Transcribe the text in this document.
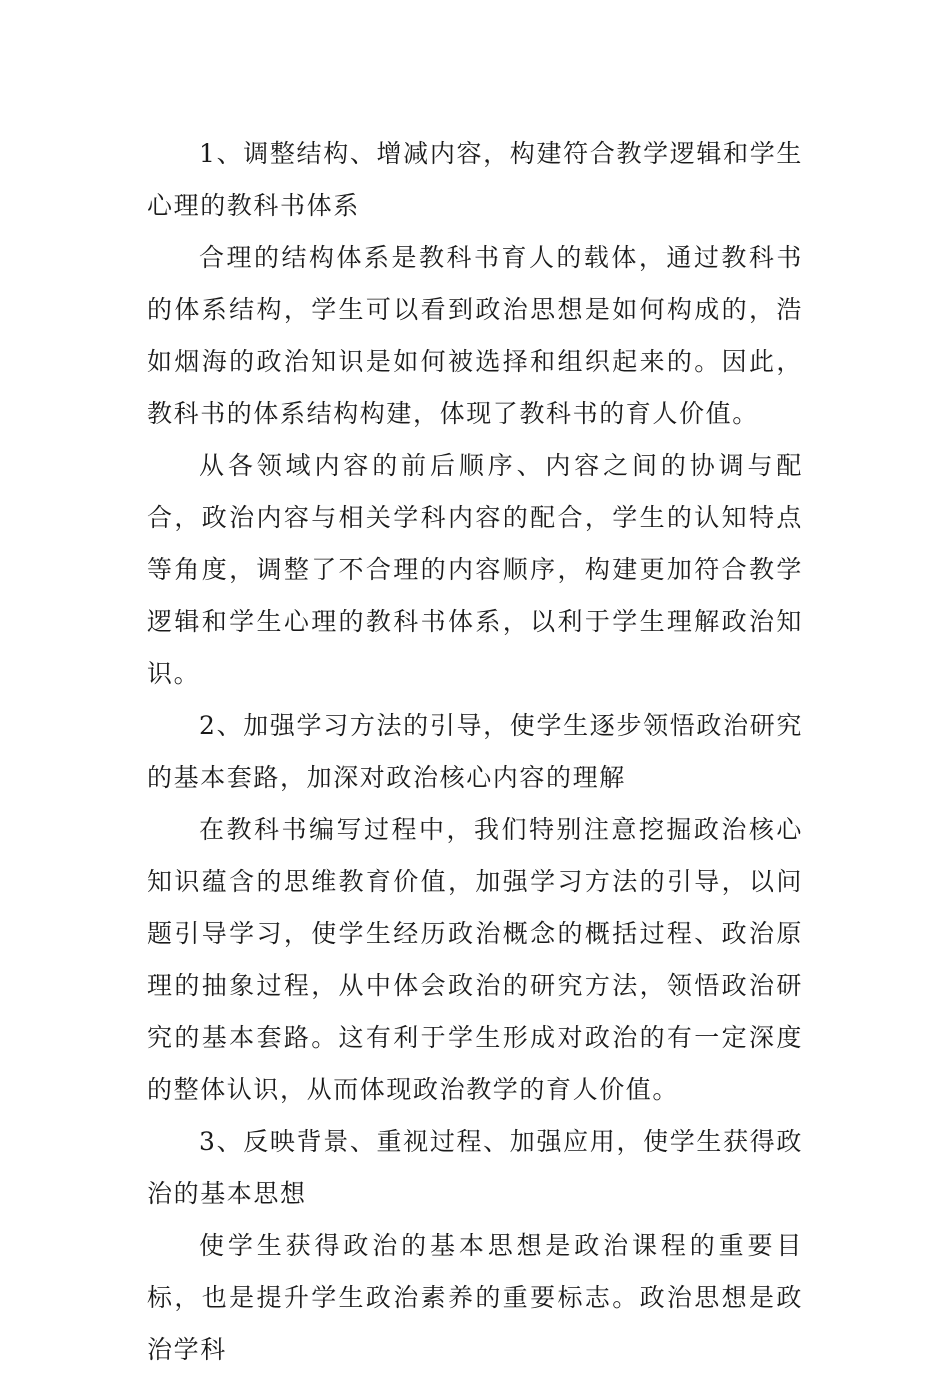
1、调整结构、增减内容，构建符合教学逻辑和学生心理的教科书体系

合理的结构体系是教科书育人的载体，通过教科书的体系结构，学生可以看到政治思想是如何构成的，浩如烟海的政治知识是如何被选择和组织起来的。因此，教科书的体系结构构建，体现了教科书的育人价值。

从各领域内容的前后顺序、内容之间的协调与配合，政治内容与相关学科内容的配合，学生的认知特点等角度，调整了不合理的内容顺序，构建更加符合教学逻辑和学生心理的教科书体系，以利于学生理解政治知识。

2、加强学习方法的引导，使学生逐步领悟政治研究的基本套路，加深对政治核心内容的理解

在教科书编写过程中，我们特别注意挖掘政治核心知识蕴含的思维教育价值，加强学习方法的引导，以问题引导学习，使学生经历政治概念的概括过程、政治原理的抽象过程，从中体会政治的研究方法，领悟政治研究的基本套路。这有利于学生形成对政治的有一定深度的整体认识，从而体现政治教学的育人价值。

3、反映背景、重视过程、加强应用，使学生获得政治的基本思想

使学生获得政治的基本思想是政治课程的重要目标，也是提升学生政治素养的重要标志。政治思想是政治学科
